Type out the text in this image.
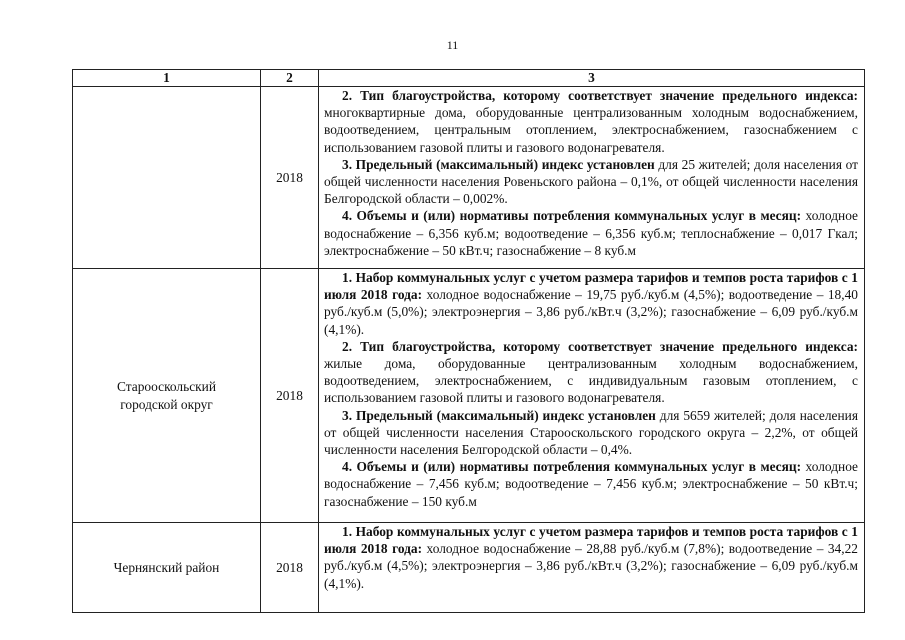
11
1	2	3
	2018	2. Тип благоустройства, которому соответствует значение предельного индекса: многоквартирные дома, оборудованные централизованным холодным водоснабжением, водоотведением, центральным отоплением, электроснабжением, газоснабжением с использованием газовой плиты и газового водонагревателя.

3. Предельный (максимальный) индекс установлен для 25 жителей; доля населения от общей численности населения Ровеньского района – 0,1%, от общей численности населения Белгородской области – 0,002%.

4. Объемы и (или) нормативы потребления коммунальных услуг в месяц: холодное водоснабжение – 6,356 куб.м; водоотведение – 6,356 куб.м; теплоснабжение – 0,017 Гкал; электроснабжение – 50 кВт.ч; газоснабжение – 8 куб.м

Старооскольский городской округ	2018	1. Набор коммунальных услуг с учетом размера тарифов и темпов роста тарифов с 1 июля 2018 года: холодное водоснабжение – 19,75 руб./куб.м (4,5%); водоотведение – 18,40 руб./куб.м (5,0%); электроэнергия – 3,86 руб./кВт.ч (3,2%); газоснабжение – 6,09 руб./куб.м (4,1%).

2. Тип благоустройства, которому соответствует значение предельного индекса: жилые дома, оборудованные централизованным холодным водоснабжением, водоотведением, электроснабжением, с индивидуальным газовым отоплением, с использованием газовой плиты и газового водонагревателя.

3. Предельный (максимальный) индекс установлен для 5659 жителей; доля населения от общей численности населения Старооскольского городского округа – 2,2%, от общей численности населения Белгородской области – 0,4%.

4. Объемы и (или) нормативы потребления коммунальных услуг в месяц: холодное водоснабжение – 7,456 куб.м; водоотведение – 7,456 куб.м; электроснабжение – 50 кВт.ч; газоснабжение – 150 куб.м

Чернянский район	2018	1. Набор коммунальных услуг с учетом размера тарифов и темпов роста тарифов с 1 июля 2018 года: холодное водоснабжение – 28,88 руб./куб.м (7,8%); водоотведение – 34,22 руб./куб.м (4,5%); электроэнергия – 3,86 руб./кВт.ч (3,2%); газоснабжение – 6,09 руб./куб.м (4,1%).
